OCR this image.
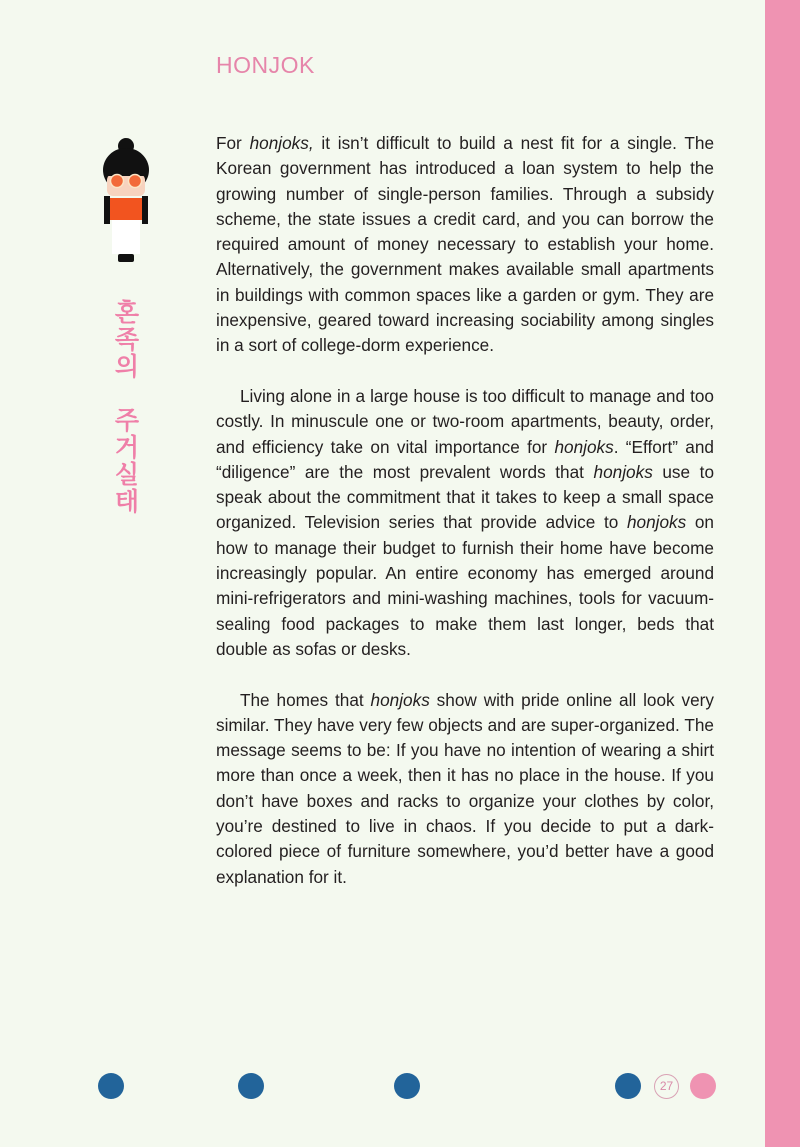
HONJOK
혼
족
의
주
거
실
태

For honjoks, it isn’t difficult to build a nest fit for a single. The Korean government has introduced a loan system to help the growing number of single-person families. Through a subsidy scheme, the state issues a credit card, and you can borrow the required amount of money necessary to establish your home. Alternatively, the government makes available small apartments in buildings with common spaces like a garden or gym. They are inexpensive, geared toward increasing sociability among singles in a sort of college-dorm experience.

Living alone in a large house is too difficult to manage and too costly. In minuscule one or two-room apartments, beauty, order, and efficiency take on vital importance for honjoks. “Effort” and “diligence” are the most prevalent words that honjoks use to speak about the commitment that it takes to keep a small space organized. Television series that provide advice to honjoks on how to manage their budget to furnish their home have become increasingly popular. An entire economy has emerged around mini-refrigerators and mini-washing machines, tools for vacuum-sealing food packages to make them last longer, beds that double as sofas or desks.

The homes that honjoks show with pride online all look very similar. They have very few objects and are super-organized. The message seems to be: If you have no intention of wearing a shirt more than once a week, then it has no place in the house. If you don’t have boxes and racks to organize your clothes by color, you’re destined to live in chaos. If you decide to put a dark-colored piece of furniture somewhere, you’d better have a good explanation for it.

27
